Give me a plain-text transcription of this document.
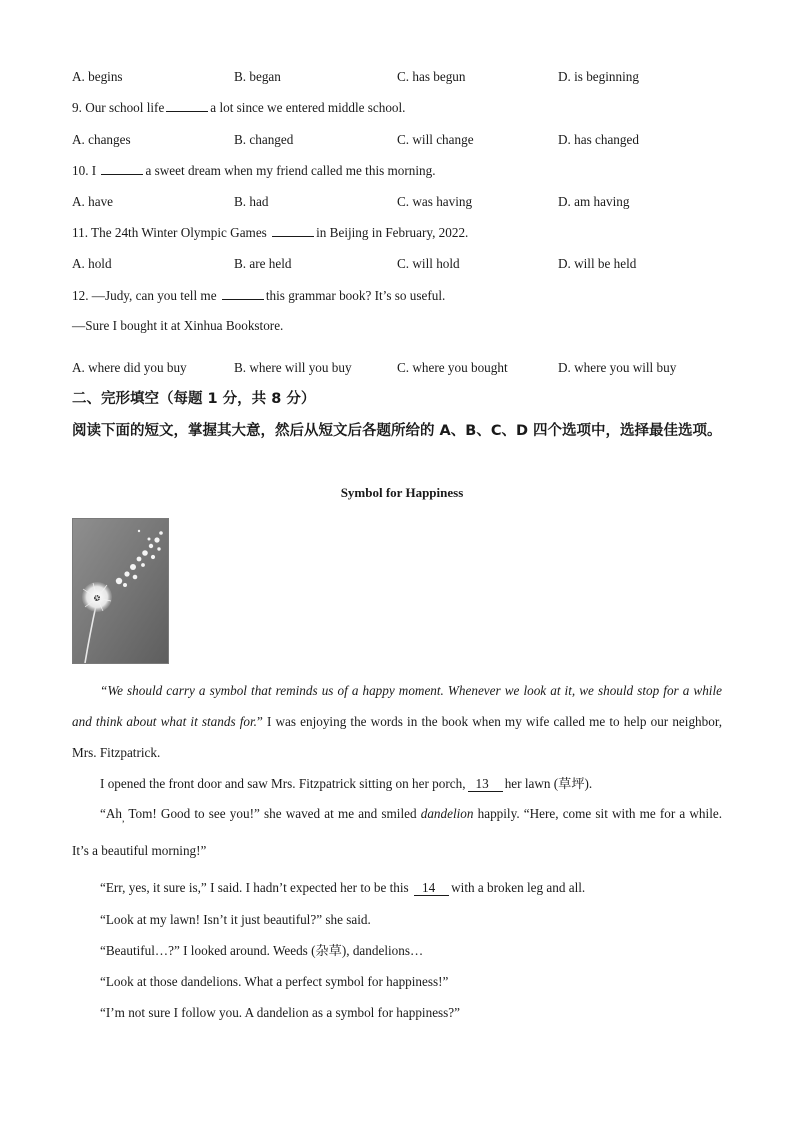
A. begins	B. began	C. has begun	D. is beginning
9. Our school life	a lot since we entered middle school.
A. changes	B. changed	C. will change	D. has changed
10. I	a sweet dream when my friend called me this morning.
A. have	B. had	C. was having	D. am having
11. The 24th Winter Olympic Games	in Beijing in February, 2022.
A. hold	B. are held	C. will hold	D. will be held
12. —Judy, can you tell me	this grammar book? It’s so useful.
—Sure I bought it at Xinhua Bookstore.
A. where did you buy	B. where will you buy	C. where you bought	D. where you will buy
二、完形填空（每题 1 分，共 8 分）
阅读下面的短文，掌握其大意，然后从短文后各题所给的 A、B、C、D 四个选项中，选择最佳选项。
Symbol for Happiness
“We should carry a symbol that reminds us of a happy moment. Whenever we look at it, we should stop for a while and think about what it stands for.” I was enjoying the words in the book when my wife called me to help our neighbor, Mrs. Fitzpatrick.
I opened the front door and saw Mrs. Fitzpatrick sitting on her porch, 13 her lawn (草坪).
“$Ah_,$ Tom! Good to see you!” she waved at me and smiled dandelion happily. “Here, come sit with me for a while. It’s a beautiful morning!”
“Err, yes, it sure is,” I said. I hadn’t expected her to be this 14 with a broken leg and all.
“Look at my lawn! Isn’t it just beautiful?” she said.
“Beautiful…?” I looked around. Weeds (杂草), dandelions…
“Look at those dandelions. What a perfect symbol for happiness!”
“I’m not sure I follow you. A dandelion as a symbol for happiness?”
